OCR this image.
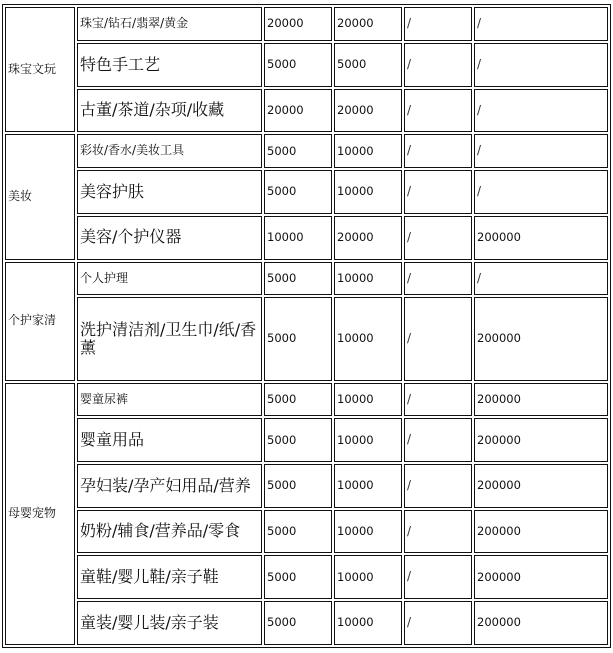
珠宝文玩	珠宝/钻石/翡翠/黄金	20000	20000	/	/
	特色手工艺	5000	5000	/	/
	古董/茶道/杂项/收藏	20000	20000	/	/
美妆	彩妆/香水/美妆工具	5000	10000	/	/
	美容护肤	5000	10000	/	/
	美容/个护仪器	10000	20000	/	200000
个护家清	个人护理	5000	10000	/	/
	洗护清洁剂/卫生巾/纸/香薰	5000	10000	/	200000
母婴宠物	婴童尿裤	5000	10000	/	200000
	婴童用品	5000	10000	/	200000
	孕妇装/孕产妇用品/营养	5000	10000	/	200000
	奶粉/辅食/营养品/零食	5000	10000	/	200000
	童鞋/婴儿鞋/亲子鞋	5000	10000	/	200000
	童装/婴儿装/亲子装	5000	10000	/	200000
